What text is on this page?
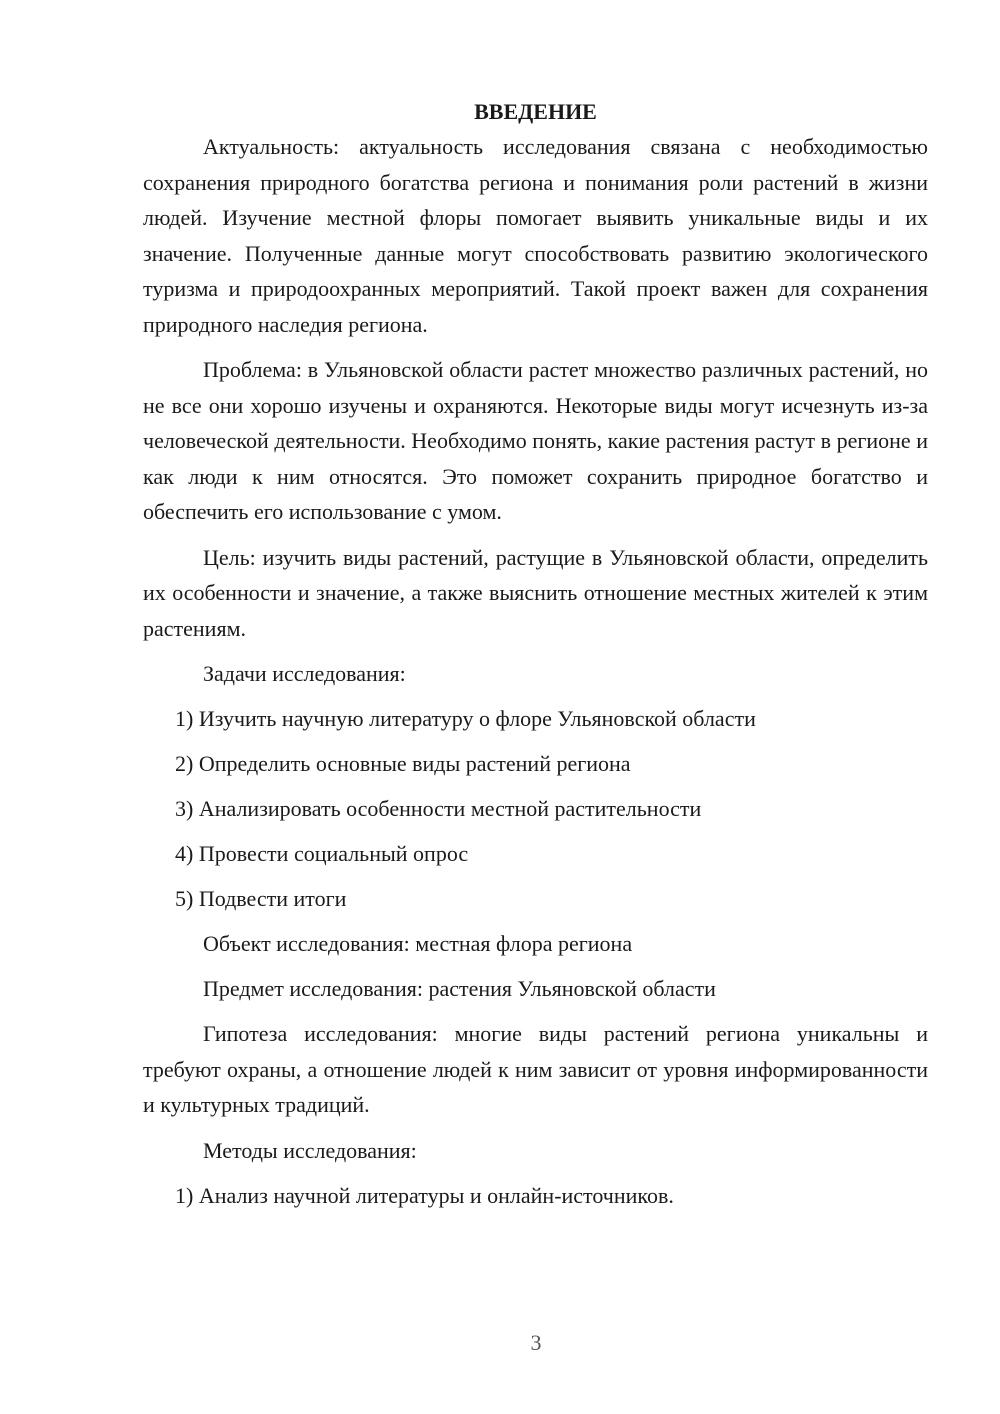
ВВЕДЕНИЕ

Актуальность: актуальность исследования связана с необходимостью сохранения природного богатства региона и понимания роли растений в жизни людей. Изучение местной флоры помогает выявить уникальные виды и их значение. Полученные данные могут способствовать развитию экологического туризма и природоохранных мероприятий. Такой проект важен для сохранения природного наследия региона.

Проблема: в Ульяновской области растет множество различных растений, но не все они хорошо изучены и охраняются. Некоторые виды могут исчезнуть из-за человеческой деятельности. Необходимо понять, какие растения растут в регионе и как люди к ним относятся. Это поможет сохранить природное богатство и обеспечить его использование с умом.

Цель: изучить виды растений, растущие в Ульяновской области, определить их особенности и значение, а также выяснить отношение местных жителей к этим растениям.

Задачи исследования:

1) Изучить научную литературу о флоре Ульяновской области

2) Определить основные виды растений региона

3) Анализировать особенности местной растительности

4) Провести социальный опрос

5) Подвести итоги

Объект исследования: местная флора региона

Предмет исследования: растения Ульяновской области

Гипотеза исследования: многие виды растений региона уникальны и требуют охраны, а отношение людей к ним зависит от уровня информированности и культурных традиций.

Методы исследования:

1) Анализ научной литературы и онлайн-источников.

3
